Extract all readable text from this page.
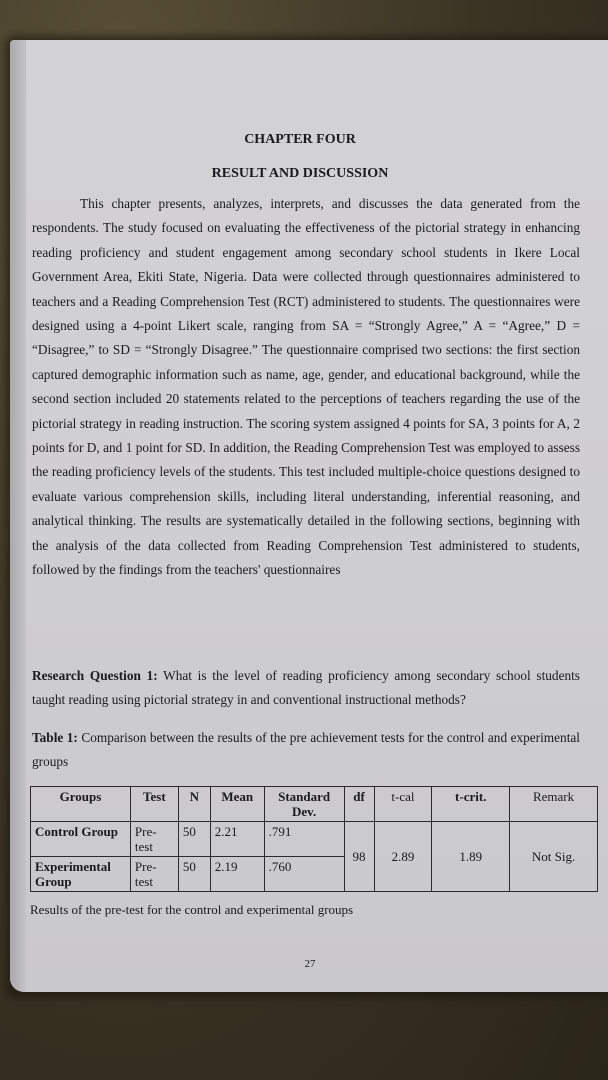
CHAPTER FOUR
RESULT AND DISCUSSION

This chapter presents, analyzes, interprets, and discusses the data generated from the respondents. The study focused on evaluating the effectiveness of the pictorial strategy in enhancing reading proficiency and student engagement among secondary school students in Ikere Local Government Area, Ekiti State, Nigeria. Data were collected through questionnaires administered to teachers and a Reading Comprehension Test (RCT) administered to students. The questionnaires were designed using a 4-point Likert scale, ranging from SA = “Strongly Agree,” A = “Agree,” D = “Disagree,” to SD = “Strongly Disagree.” The questionnaire comprised two sections: the first section captured demographic information such as name, age, gender, and educational background, while the second section included 20 statements related to the perceptions of teachers regarding the use of the pictorial strategy in reading instruction. The scoring system assigned 4 points for SA, 3 points for A, 2 points for D, and 1 point for SD. In addition, the Reading Comprehension Test was employed to assess the reading proficiency levels of the students. This test included multiple-choice questions designed to evaluate various comprehension skills, including literal understanding, inferential reasoning, and analytical thinking. The results are systematically detailed in the following sections, beginning with the analysis of the data collected from Reading Comprehension Test administered to students, followed by the findings from the teachers' questionnaires

Research Question 1: What is the level of reading proficiency among secondary school students taught reading using pictorial strategy in and conventional instructional methods?
Table 1: Comparison between the results of the pre achievement tests for the control and experimental groups
Groups	Test	N	Mean	Standard Dev.	df	t-cal	t-crit.	Remark
Control Group	Pre-test	50	2.21	.791	98	2.89	1.89	Not Sig.
Experimental Group	Pre-test	50	2.19	.760				
Results of the pre-test for the control and experimental groups
27
